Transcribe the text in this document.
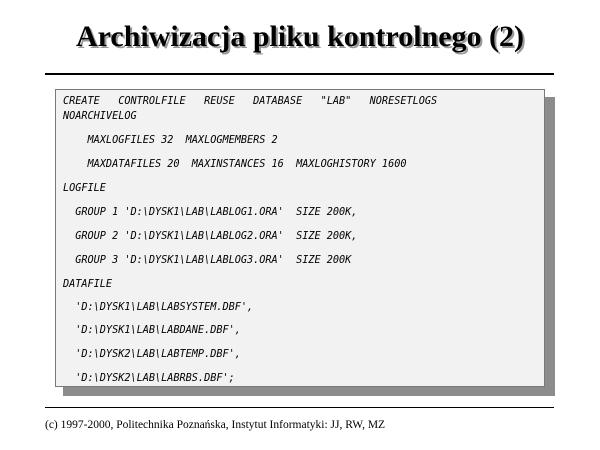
Archiwizacja pliku kontrolnego (2)
CREATE   CONTROLFILE   REUSE   DATABASE   "LAB"   NORESETLOGS
NOARCHIVELOG
MAXLOGFILES 32  MAXLOGMEMBERS 2
MAXDATAFILES 20  MAXINSTANCES 16  MAXLOGHISTORY 1600
LOGFILE
GROUP 1 'D:\DYSK1\LAB\LABLOG1.ORA'  SIZE 200K,
GROUP 2 'D:\DYSK1\LAB\LABLOG2.ORA'  SIZE 200K,
GROUP 3 'D:\DYSK1\LAB\LABLOG3.ORA'  SIZE 200K
DATAFILE
'D:\DYSK1\LAB\LABSYSTEM.DBF',
'D:\DYSK1\LAB\LABDANE.DBF',
'D:\DYSK2\LAB\LABTEMP.DBF',
'D:\DYSK2\LAB\LABRBS.DBF';
(c) 1997-2000, Politechnika Poznańska, Instytut Informatyki: JJ, RW, MZ
